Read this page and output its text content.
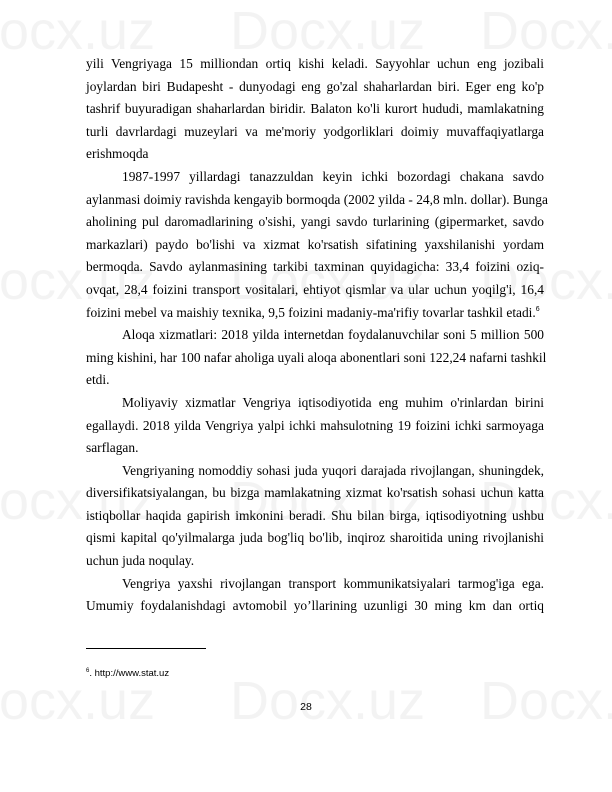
yili Vengriyaga 15 milliondan ortiq kishi keladi. Sayyohlar uchun eng jozibali
joylardan biri Budapesht - dunyodagi eng go'zal shaharlardan biri. Eger eng ko'p
tashrif buyuradigan shaharlardan biridir. Balaton ko'li kurort hududi, mamlakatning
turli davrlardagi muzeylari va me'moriy yodgorliklari doimiy muvaffaqiyatlarga
erishmoqda
1987-1997 yillardagi tanazzuldan keyin ichki bozordagi chakana savdo
aylanmasi doimiy ravishda kengayib bormoqda (2002 yilda - 24,8 mln. dollar). Bunga
aholining pul daromadlarining o'sishi, yangi savdo turlarining (gipermarket, savdo
markazlari) paydo bo'lishi va xizmat ko'rsatish sifatining yaxshilanishi yordam
bermoqda. Savdo aylanmasining tarkibi taxminan quyidagicha: 33,4 foizini oziq-
ovqat, 28,4 foizini transport vositalari, ehtiyot qismlar va ular uchun yoqilg'i, 16,4
foizini mebel va maishiy texnika, 9,5 foizini madaniy-ma'rifiy tovarlar tashkil etadi.$^6$
Aloqa xizmatlari: 2018 yilda internetdan foydalanuvchilar soni 5 million 500
ming kishini, har 100 nafar aholiga uyali aloqa abonentlari soni 122,24 nafarni tashkil
etdi.
Moliyaviy xizmatlar Vengriya iqtisodiyotida eng muhim o'rinlardan birini
egallaydi. 2018 yilda Vengriya yalpi ichki mahsulotning 19 foizini ichki sarmoyaga
sarflagan.
Vengriyaning nomoddiy sohasi juda yuqori darajada rivojlangan, shuningdek,
diversifikatsiyalangan, bu bizga mamlakatning xizmat ko'rsatish sohasi uchun katta
istiqbollar haqida gapirish imkonini beradi. Shu bilan birga, iqtisodiyotning ushbu
qismi kapital qo'yilmalarga juda bog'liq bo'lib, inqiroz sharoitida uning rivojlanishi
uchun juda noqulay.
Vengriya yaxshi rivojlangan transport kommunikatsiyalari tarmog'iga ega.
Umumiy foydalanishdagi avtomobil yo’llarining uzunligi 30 ming km dan ortiq
$^6$. http://www.stat.uz
28
